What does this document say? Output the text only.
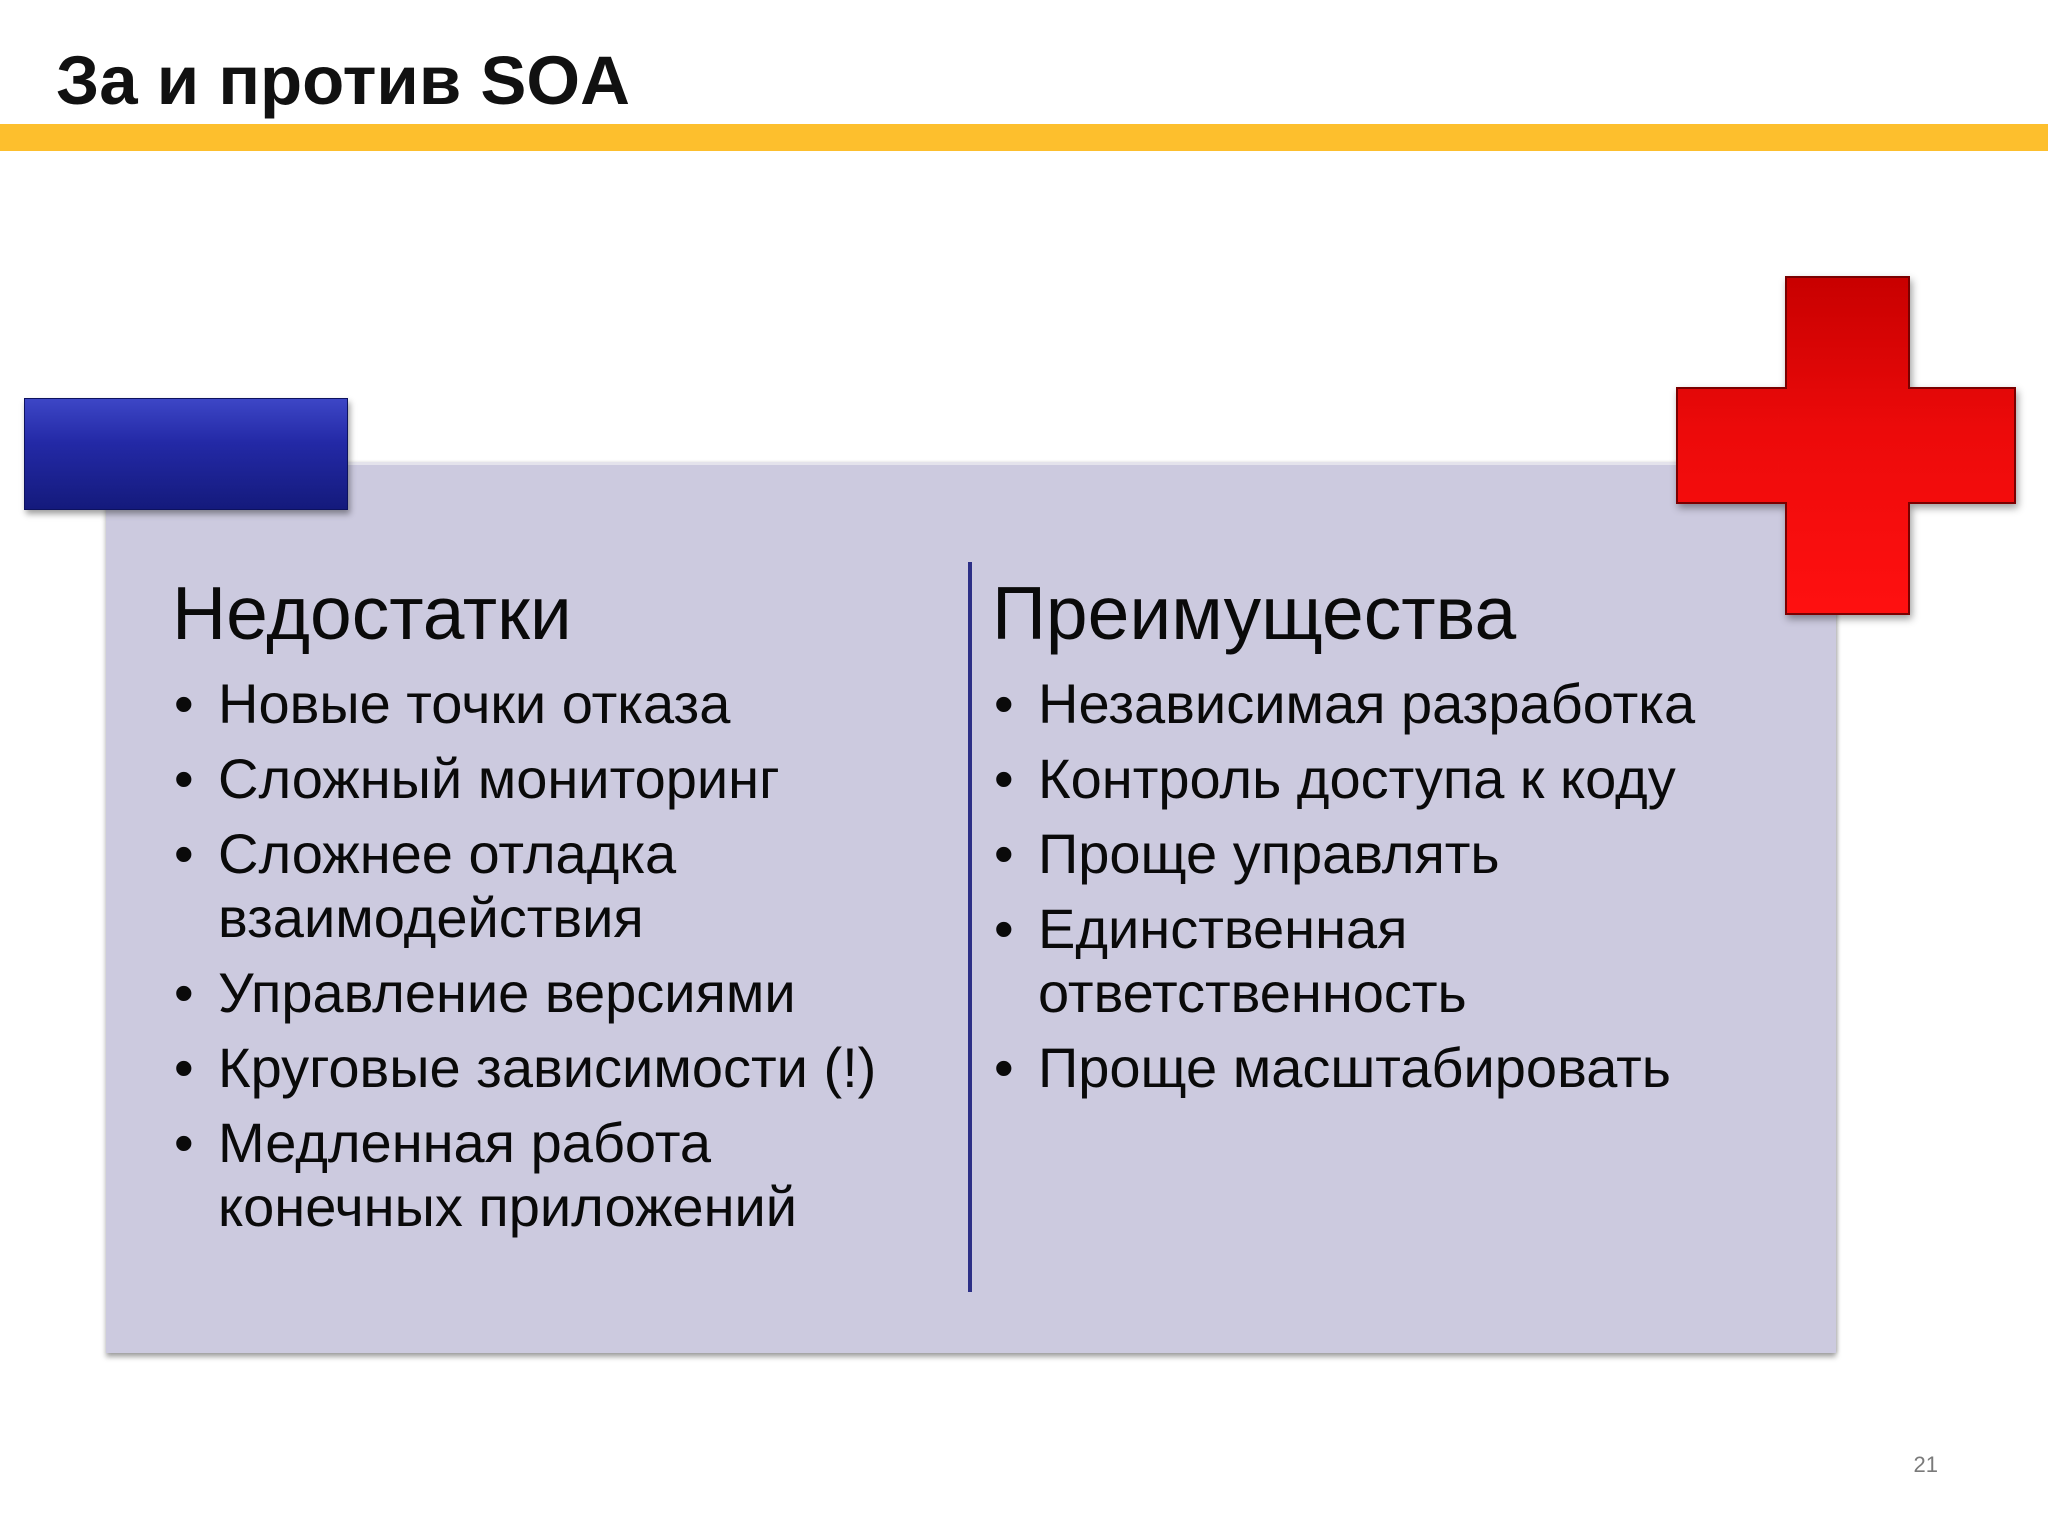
За и против SOA
Недостатки
• Новые точки отказа
• Сложный мониторинг
• Сложнее отладка взаимодействия
• Управление версиями
• Круговые зависимости (!)
• Медленная работа конечных приложений
Преимущества
• Независимая разработка
• Контроль доступа к коду
• Проще управлять
• Единственная ответственность
• Проще масштабировать
21
